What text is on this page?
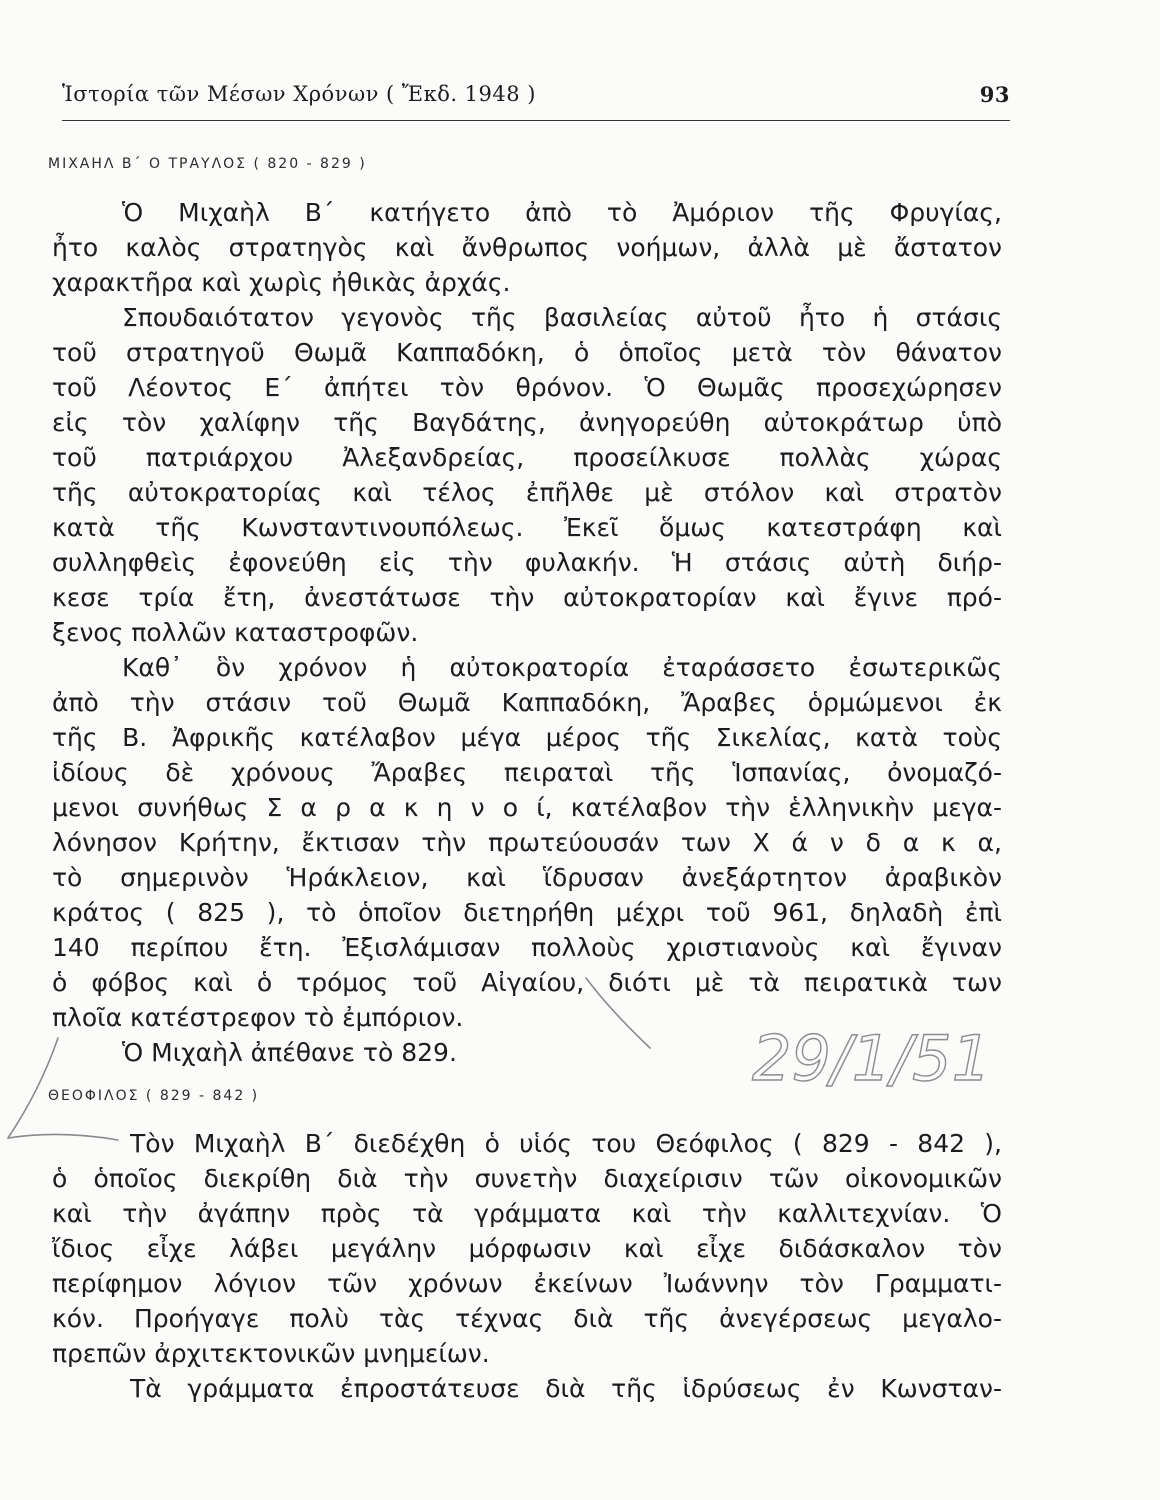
Ἱστορία τῶν Μέσων Χρόνων ( Ἔκδ. 1948 )	93
ΜΙΧΑΗΛ Β΄ Ο ΤΡΑΥΛΟΣ ( 820 - 829 )
Ὁ Μιχαὴλ Β΄ κατήγετο ἀπὸ τὸ Ἀμόριον τῆς Φρυγίας,
ἦτο καλὸς στρατηγὸς καὶ ἄνθρωπος νοήμων, ἀλλὰ μὲ ἄστατον
χαρακτῆρα καὶ χωρὶς ἠθικὰς ἀρχάς.
Σπουδαιότατον γεγονὸς τῆς βασιλείας αὐτοῦ ἦτο ἡ στάσις
τοῦ στρατηγοῦ Θωμᾶ Καππαδόκη, ὁ ὁποῖος μετὰ τὸν θάνατον
τοῦ Λέοντος Ε΄ ἀπήτει τὸν θρόνον. Ὁ Θωμᾶς προσεχώρησεν
εἰς τὸν χαλίφην τῆς Βαγδάτης, ἀνηγορεύθη αὐτοκράτωρ ὑπὸ
τοῦ πατριάρχου Ἀλεξανδρείας, προσείλκυσε πολλὰς χώρας
τῆς αὐτοκρατορίας καὶ τέλος ἐπῆλθε μὲ στόλον καὶ στρατὸν
κατὰ τῆς Κωνσταντινουπόλεως. Ἐκεῖ ὅμως κατεστράφη καὶ
συλληφθεὶς ἐφονεύθη εἰς τὴν φυλακήν. Ἡ στάσις αὐτὴ διήρ-
κεσε τρία ἔτη, ἀνεστάτωσε τὴν αὐτοκρατορίαν καὶ ἔγινε πρό-
ξενος πολλῶν καταστροφῶν.
Καθ᾽ ὃν χρόνον ἡ αὐτοκρατορία ἐταράσσετο ἐσωτερικῶς
ἀπὸ τὴν στάσιν τοῦ Θωμᾶ Καππαδόκη, Ἄραβες ὁρμώμενοι ἐκ
τῆς Β. Ἀφρικῆς κατέλαβον μέγα μέρος τῆς Σικελίας, κατὰ τοὺς
ἰδίους δὲ χρόνους Ἄραβες πειραταὶ τῆς Ἱσπανίας, ὀνομαζό-
μενοι συνήθως Σ α ρ α κ η ν ο ί, κατέλαβον τὴν ἑλληνικὴν μεγα-
λόνησον Κρήτην, ἔκτισαν τὴν πρωτεύουσάν των Χ ά ν δ α κ α,
τὸ σημερινὸν Ἡράκλειον, καὶ ἵδρυσαν ἀνεξάρτητον ἀραβικὸν
κράτος ( 825 ), τὸ ὁποῖον διετηρήθη μέχρι τοῦ 961, δηλαδὴ ἐπὶ
140 περίπου ἔτη. Ἐξισλάμισαν πολλοὺς χριστιανοὺς καὶ ἔγιναν
ὁ φόβος καὶ ὁ τρόμος τοῦ Αἰγαίου, διότι μὲ τὰ πειρατικὰ των
πλοῖα κατέστρεφον τὸ ἐμπόριον.
Ὁ Μιχαὴλ ἀπέθανε τὸ 829.
ΘΕΟΦΙΛΟΣ ( 829 - 842 )
Τὸν Μιχαὴλ Β΄ διεδέχθη ὁ υἱός του Θεόφιλος ( 829 - 842 ),
ὁ ὁποῖος διεκρίθη διὰ τὴν συνετὴν διαχείρισιν τῶν οἰκονομικῶν
καὶ τὴν ἀγάπην πρὸς τὰ γράμματα καὶ τὴν καλλιτεχνίαν. Ὁ
ἴδιος εἶχε λάβει μεγάλην μόρφωσιν καὶ εἶχε διδάσκαλον τὸν
περίφημον λόγιον τῶν χρόνων ἐκείνων Ἰωάννην τὸν Γραμματι-
κόν. Προήγαγε πολὺ τὰς τέχνας διὰ τῆς ἀνεγέρσεως μεγαλο-
πρεπῶν ἀρχιτεκτονικῶν μνημείων.
Τὰ γράμματα ἐπροστάτευσε διὰ τῆς ἱδρύσεως ἐν Κωνσταν-
29/1/51
